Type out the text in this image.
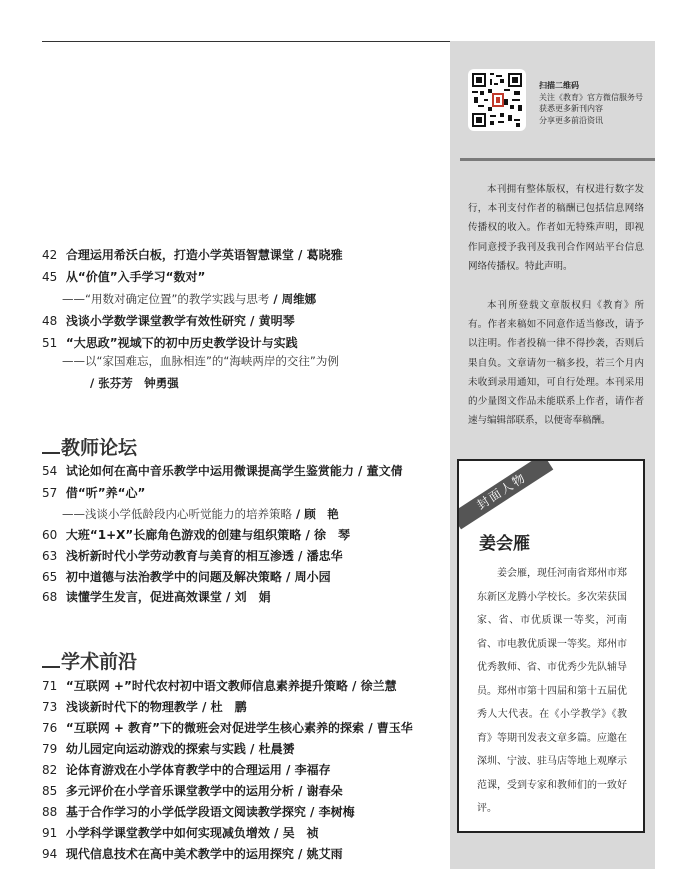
42 合理运用希沃白板，打造小学英语智慧课堂 / 葛晓雅
45 从“价值”入手学习“数对”
——“用数对确定位置”的教学实践与思考 / 周维娜
48 浅谈小学数学课堂教学有效性研究 / 黄明琴
51 “大思政”视域下的初中历史教学设计与实践
——以“家国难忘，血脉相连”的“海峡两岸的交往”为例
/ 张芬芳　钟勇强
教师论坛
54 试论如何在高中音乐教学中运用微课提高学生鉴赏能力 / 董文倩
57 借“听”养“心”
——浅谈小学低龄段内心听觉能力的培养策略 / 顾　艳
60 大班“1+X”长廊角色游戏的创建与组织策略 / 徐　琴
63 浅析新时代小学劳动教育与美育的相互渗透 / 潘忠华
65 初中道德与法治教学中的问题及解决策略 / 周小园
68 读懂学生发言，促进高效课堂 / 刘　娟
学术前沿
71 “互联网 +”时代农村初中语文教师信息素养提升策略 / 徐兰慧
73 浅谈新时代下的物理教学 / 杜　鹏
76 “互联网 + 教育”下的微班会对促进学生核心素养的探索 / 曹玉华
79 幼儿园定向运动游戏的探索与实践 / 杜晨赟
82 论体育游戏在小学体育教学中的合理运用 / 李福存
85 多元评价在小学音乐课堂教学中的运用分析 / 谢春朵
88 基于合作学习的小学低学段语文阅读教学探究 / 李树梅
91 小学科学课堂教学中如何实现减负增效 / 吴　祯
94 现代信息技术在高中美术教学中的运用探究 / 姚艾雨
扫描二维码
关注《教育》官方微信服务号
获悉更多新刊内容
分享更多前沿资讯

本刊拥有整体版权，有权进行数字发行，本刊支付作者的稿酬已包括信息网络传播权的收入。作者如无特殊声明，即视作同意授予我刊及我刊合作网站平台信息网络传播权。特此声明。

本刊所登载文章版权归《教育》所有。作者来稿如不同意作适当修改，请予以注明。作者投稿一律不得抄袭，否则后果自负。文章请勿一稿多投，若三个月内未收到录用通知，可自行处理。本刊采用的少量图文作品未能联系上作者，请作者速与编辑部联系，以便寄奉稿酬。

封面人物
姜会雁
姜会雁，现任河南省郑州市郑东新区龙腾小学校长。多次荣获国家、省、市优质课一等奖，河南省、市电教优质课一等奖。郑州市优秀教师、省、市优秀少先队辅导员。郑州市第十四届和第十五届优秀人大代表。在《小学教学》《教育》等期刊发表文章多篇。应邀在深圳、宁波、驻马店等地上观摩示范课，受到专家和教师们的一致好评。
